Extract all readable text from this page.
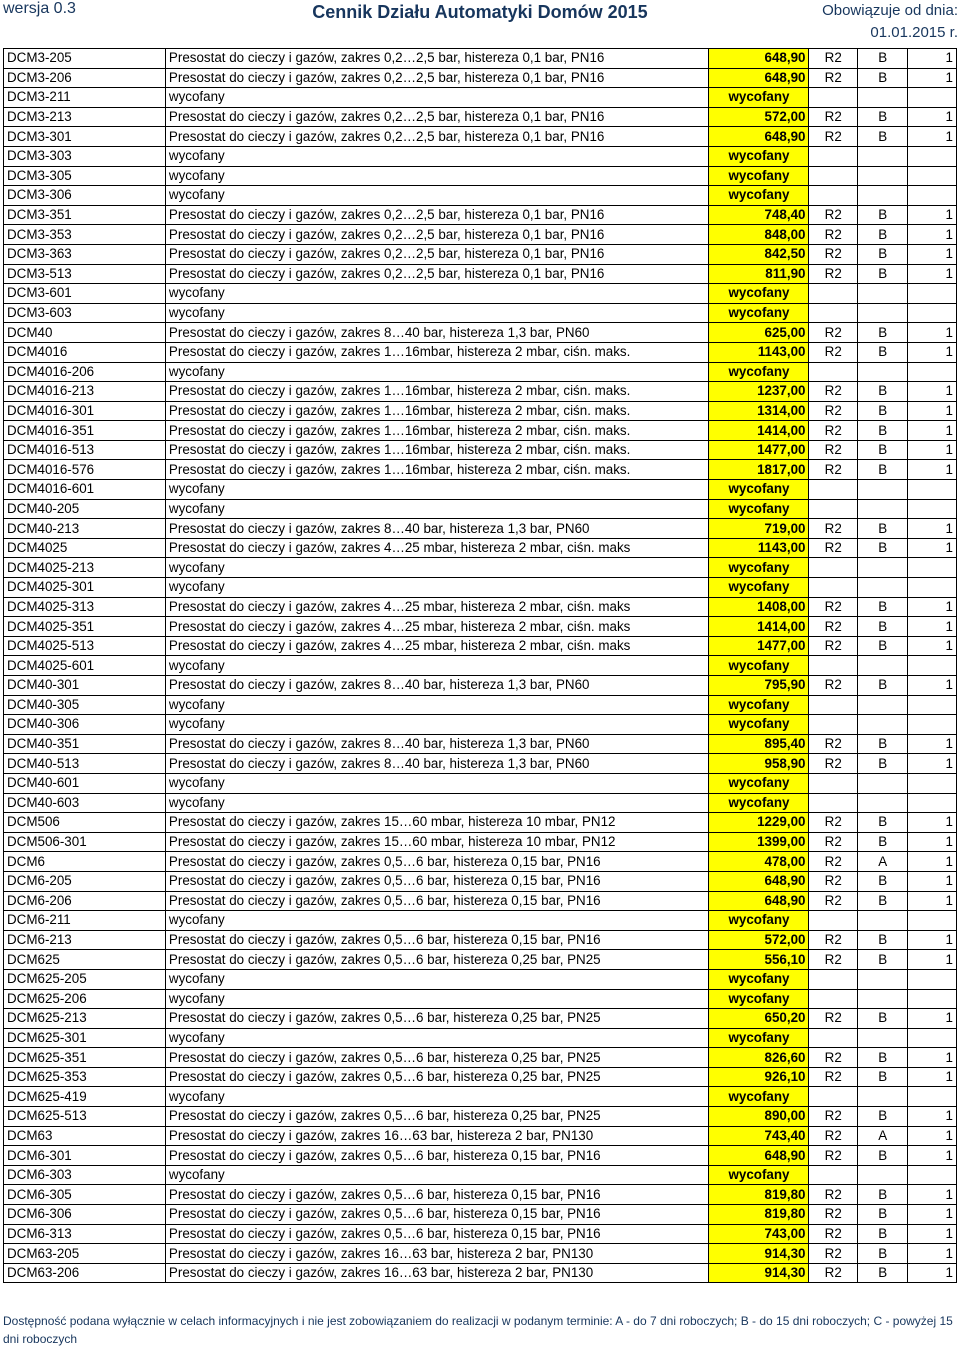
wersja 0.3	Cennik Działu Automatyki Domów 2015	Obowiązuje od dnia:
01.01.2015 r.
DCM3-205	Presostat do cieczy i gazów, zakres 0,2…2,5 bar, histereza 0,1 bar, PN16	648,90	R2	B	1
DCM3-206	Presostat do cieczy i gazów, zakres 0,2…2,5 bar, histereza 0,1 bar, PN16	648,90	R2	B	1
DCM3-211	wycofany	wycofany			
DCM3-213	Presostat do cieczy i gazów, zakres 0,2…2,5 bar, histereza 0,1 bar, PN16	572,00	R2	B	1
DCM3-301	Presostat do cieczy i gazów, zakres 0,2…2,5 bar, histereza 0,1 bar, PN16	648,90	R2	B	1
DCM3-303	wycofany	wycofany			
DCM3-305	wycofany	wycofany			
DCM3-306	wycofany	wycofany			
DCM3-351	Presostat do cieczy i gazów, zakres 0,2…2,5 bar, histereza 0,1 bar, PN16	748,40	R2	B	1
DCM3-353	Presostat do cieczy i gazów, zakres 0,2…2,5 bar, histereza 0,1 bar, PN16	848,00	R2	B	1
DCM3-363	Presostat do cieczy i gazów, zakres 0,2…2,5 bar, histereza 0,1 bar, PN16	842,50	R2	B	1
DCM3-513	Presostat do cieczy i gazów, zakres 0,2…2,5 bar, histereza 0,1 bar, PN16	811,90	R2	B	1
DCM3-601	wycofany	wycofany			
DCM3-603	wycofany	wycofany			
DCM40	Presostat do cieczy i gazów, zakres 8…40 bar, histereza 1,3 bar, PN60	625,00	R2	B	1
DCM4016	Presostat do cieczy i gazów, zakres 1…16mbar, histereza 2 mbar, ciśn. maks.	1143,00	R2	B	1
DCM4016-206	wycofany	wycofany			
DCM4016-213	Presostat do cieczy i gazów, zakres 1…16mbar, histereza 2 mbar, ciśn. maks.	1237,00	R2	B	1
DCM4016-301	Presostat do cieczy i gazów, zakres 1…16mbar, histereza 2 mbar, ciśn. maks.	1314,00	R2	B	1
DCM4016-351	Presostat do cieczy i gazów, zakres 1…16mbar, histereza 2 mbar, ciśn. maks.	1414,00	R2	B	1
DCM4016-513	Presostat do cieczy i gazów, zakres 1…16mbar, histereza 2 mbar, ciśn. maks.	1477,00	R2	B	1
DCM4016-576	Presostat do cieczy i gazów, zakres 1…16mbar, histereza 2 mbar, ciśn. maks.	1817,00	R2	B	1
DCM4016-601	wycofany	wycofany			
DCM40-205	wycofany	wycofany			
DCM40-213	Presostat do cieczy i gazów, zakres 8…40 bar, histereza 1,3 bar, PN60	719,00	R2	B	1
DCM4025	Presostat do cieczy i gazów, zakres 4…25 mbar, histereza 2 mbar, ciśn. maks	1143,00	R2	B	1
DCM4025-213	wycofany	wycofany			
DCM4025-301	wycofany	wycofany			
DCM4025-313	Presostat do cieczy i gazów, zakres 4…25 mbar, histereza 2 mbar, ciśn. maks	1408,00	R2	B	1
DCM4025-351	Presostat do cieczy i gazów, zakres 4…25 mbar, histereza 2 mbar, ciśn. maks	1414,00	R2	B	1
DCM4025-513	Presostat do cieczy i gazów, zakres 4…25 mbar, histereza 2 mbar, ciśn. maks	1477,00	R2	B	1
DCM4025-601	wycofany	wycofany			
DCM40-301	Presostat do cieczy i gazów, zakres 8…40 bar, histereza 1,3 bar, PN60	795,90	R2	B	1
DCM40-305	wycofany	wycofany			
DCM40-306	wycofany	wycofany			
DCM40-351	Presostat do cieczy i gazów, zakres 8…40 bar, histereza 1,3 bar, PN60	895,40	R2	B	1
DCM40-513	Presostat do cieczy i gazów, zakres 8…40 bar, histereza 1,3 bar, PN60	958,90	R2	B	1
DCM40-601	wycofany	wycofany			
DCM40-603	wycofany	wycofany			
DCM506	Presostat do cieczy i gazów, zakres 15…60 mbar, histereza 10 mbar, PN12	1229,00	R2	B	1
DCM506-301	Presostat do cieczy i gazów, zakres 15…60 mbar, histereza 10 mbar, PN12	1399,00	R2	B	1
DCM6	Presostat do cieczy i gazów, zakres 0,5…6 bar, histereza 0,15 bar, PN16	478,00	R2	A	1
DCM6-205	Presostat do cieczy i gazów, zakres 0,5…6 bar, histereza 0,15 bar, PN16	648,90	R2	B	1
DCM6-206	Presostat do cieczy i gazów, zakres 0,5…6 bar, histereza 0,15 bar, PN16	648,90	R2	B	1
DCM6-211	wycofany	wycofany			
DCM6-213	Presostat do cieczy i gazów, zakres 0,5…6 bar, histereza 0,15 bar, PN16	572,00	R2	B	1
DCM625	Presostat do cieczy i gazów, zakres 0,5…6 bar, histereza 0,25 bar, PN25	556,10	R2	B	1
DCM625-205	wycofany	wycofany			
DCM625-206	wycofany	wycofany			
DCM625-213	Presostat do cieczy i gazów, zakres 0,5…6 bar, histereza 0,25 bar, PN25	650,20	R2	B	1
DCM625-301	wycofany	wycofany			
DCM625-351	Presostat do cieczy i gazów, zakres 0,5…6 bar, histereza 0,25 bar, PN25	826,60	R2	B	1
DCM625-353	Presostat do cieczy i gazów, zakres 0,5…6 bar, histereza 0,25 bar, PN25	926,10	R2	B	1
DCM625-419	wycofany	wycofany			
DCM625-513	Presostat do cieczy i gazów, zakres 0,5…6 bar, histereza 0,25 bar, PN25	890,00	R2	B	1
DCM63	Presostat do cieczy i gazów, zakres 16…63 bar, histereza 2 bar, PN130	743,40	R2	A	1
DCM6-301	Presostat do cieczy i gazów, zakres 0,5…6 bar, histereza 0,15 bar, PN16	648,90	R2	B	1
DCM6-303	wycofany	wycofany			
DCM6-305	Presostat do cieczy i gazów, zakres 0,5…6 bar, histereza 0,15 bar, PN16	819,80	R2	B	1
DCM6-306	Presostat do cieczy i gazów, zakres 0,5…6 bar, histereza 0,15 bar, PN16	819,80	R2	B	1
DCM6-313	Presostat do cieczy i gazów, zakres 0,5…6 bar, histereza 0,15 bar, PN16	743,00	R2	B	1
DCM63-205	Presostat do cieczy i gazów, zakres 16…63 bar, histereza 2 bar, PN130	914,30	R2	B	1
DCM63-206	Presostat do cieczy i gazów, zakres 16…63 bar, histereza 2 bar, PN130	914,30	R2	B	1
Dostępność podana wyłącznie w celach informacyjnych i nie jest zobowiązaniem do realizacji w podanym terminie: A - do 7 dni roboczych; B - do 15 dni roboczych; C - powyżej 15 dni roboczych
